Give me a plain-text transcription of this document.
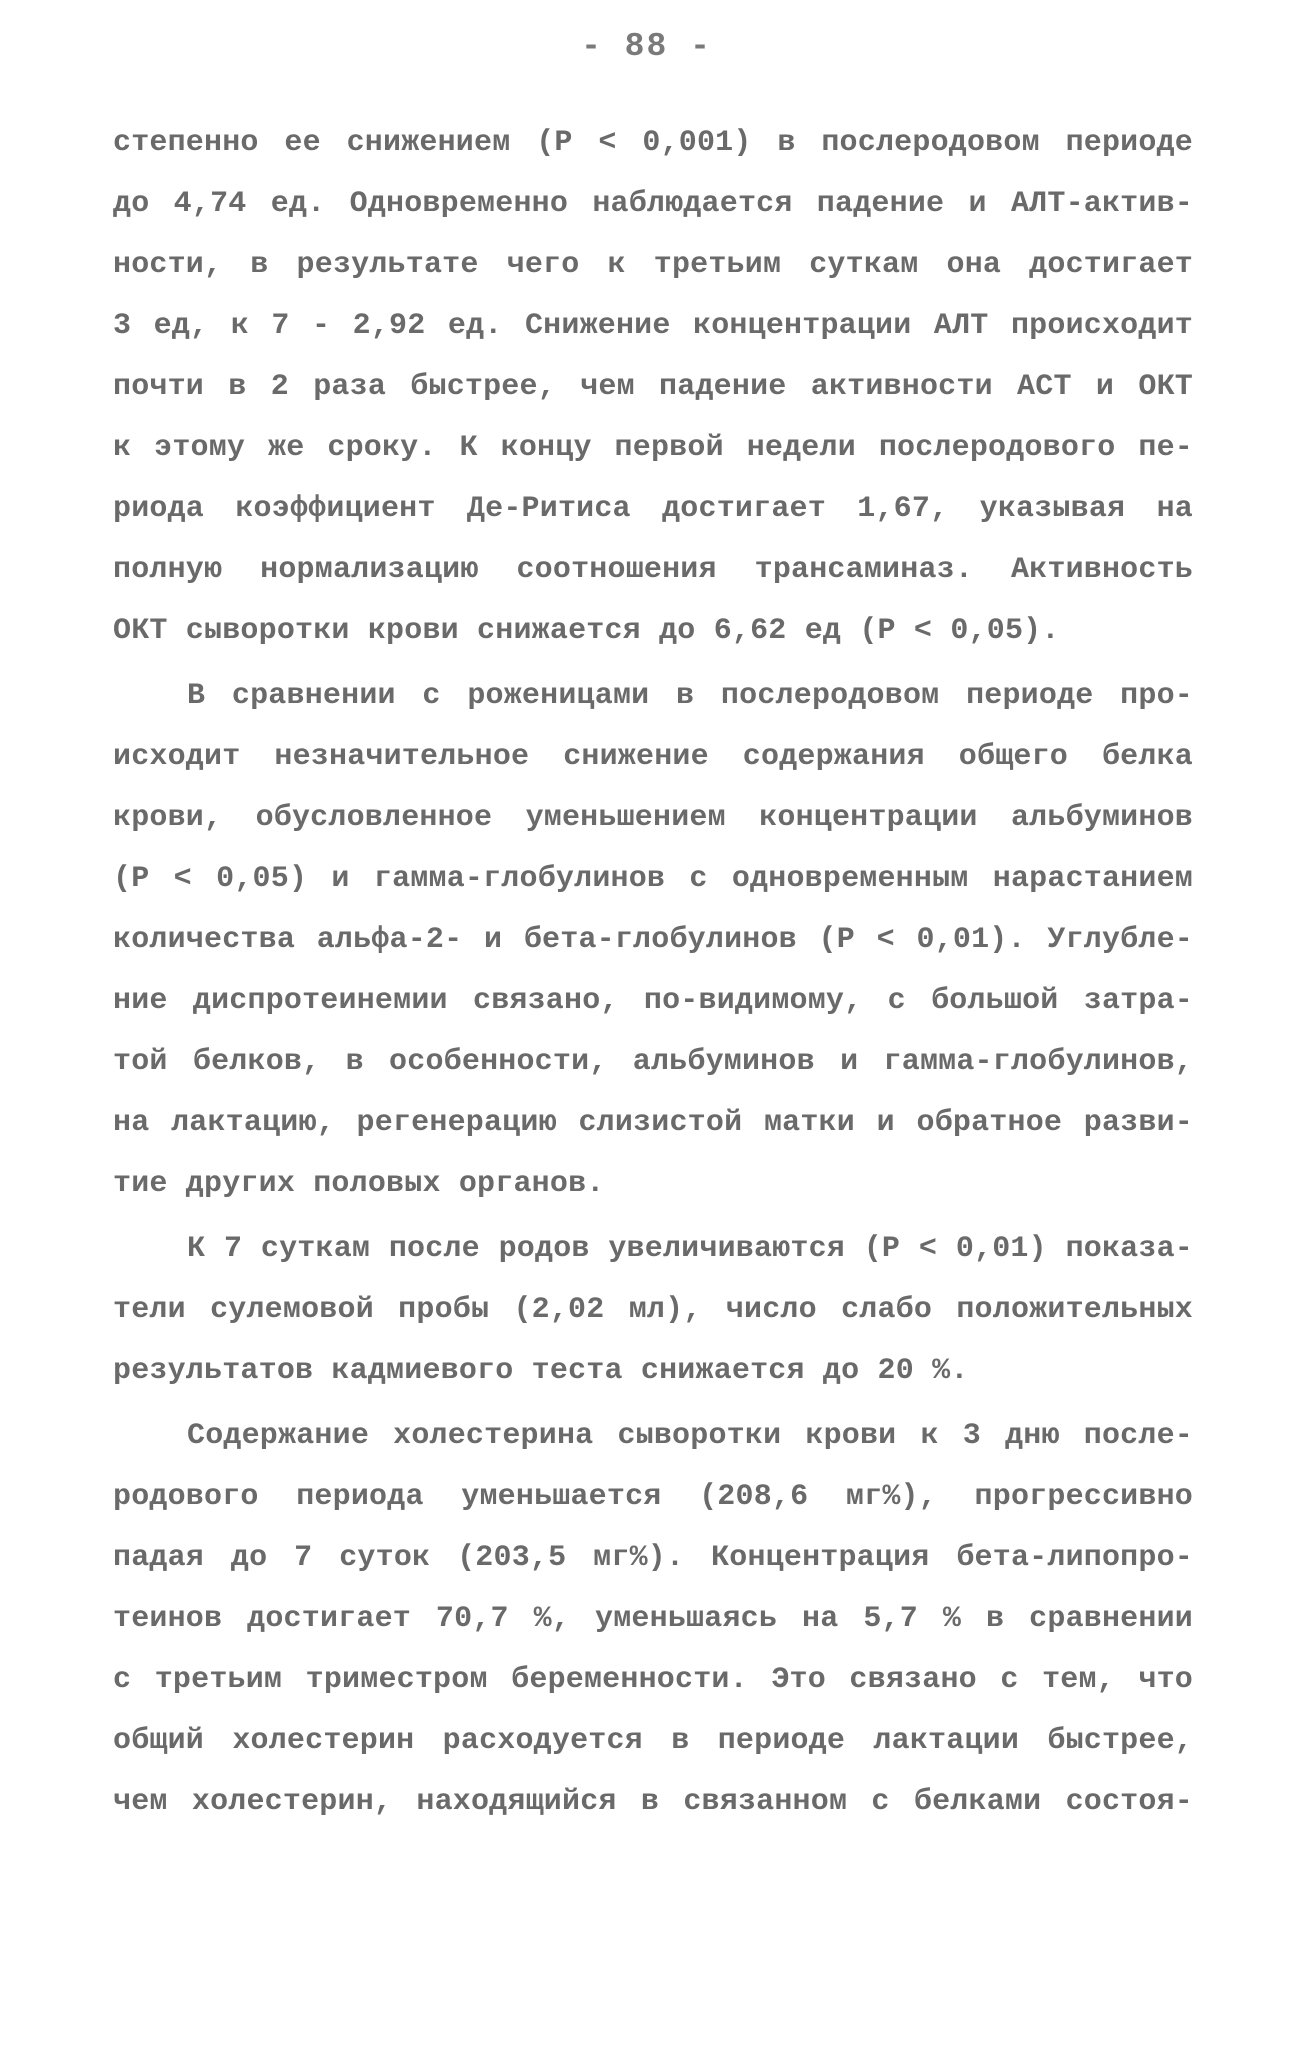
- 88 -
степенно ее снижением (P < 0,001) в послеродовом периоде
до 4,74 ед. Одновременно наблюдается падение и АЛТ-актив-
ности, в результате чего к третьим суткам она достигает
3 ед, к 7 - 2,92 ед. Снижение концентрации АЛТ происходит
почти в 2 раза быстрее, чем падение активности АСТ и ОКТ
к этому же сроку. К концу первой недели послеродового пе-
риода коэффициент Де-Ритиса достигает 1,67, указывая на
полную нормализацию соотношения трансаминаз. Активность
ОКТ сыворотки крови снижается до 6,62 ед (P < 0,05).
В сравнении с роженицами в послеродовом периоде про-
исходит незначительное снижение содержания общего белка
крови, обусловленное уменьшением концентрации альбуминов
(P < 0,05) и гамма-глобулинов с одновременным нарастанием
количества альфа-2- и бета-глобулинов (P < 0,01). Углубле-
ние диспротеинемии связано, по-видимому, с большой затра-
той белков, в особенности, альбуминов и гамма-глобулинов,
на лактацию, регенерацию слизистой матки и обратное разви-
тие других половых органов.
К 7 суткам после родов увеличиваются (P < 0,01) показа-
тели сулемовой пробы (2,02 мл), число слабо положительных
результатов кадмиевого теста снижается до 20 %.
Содержание холестерина сыворотки крови к 3 дню после-
родового периода уменьшается (208,6 мг%), прогрессивно
падая до 7 суток (203,5 мг%). Концентрация бета-липопро-
теинов достигает 70,7 %, уменьшаясь на 5,7 % в сравнении
с третьим триместром беременности. Это связано с тем, что
общий холестерин расходуется в периоде лактации быстрее,
чем холестерин, находящийся в связанном с белками состоя-
